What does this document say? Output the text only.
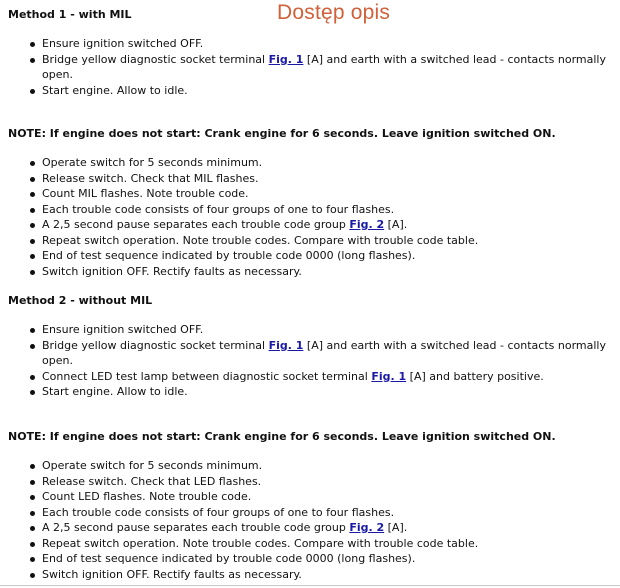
Dostęp opis
Method 1 - with MIL
Ensure ignition switched OFF.
Bridge yellow diagnostic socket terminal Fig. 1 [A] and earth with a switched lead - contacts normally
open.
Start engine. Allow to idle.
NOTE: If engine does not start: Crank engine for 6 seconds. Leave ignition switched ON.
Operate switch for 5 seconds minimum.
Release switch. Check that MIL flashes.
Count MIL flashes. Note trouble code.
Each trouble code consists of four groups of one to four flashes.
A 2,5 second pause separates each trouble code group Fig. 2 [A].
Repeat switch operation. Note trouble codes. Compare with trouble code table.
End of test sequence indicated by trouble code 0000 (long flashes).
Switch ignition OFF. Rectify faults as necessary.
Method 2 - without MIL
Ensure ignition switched OFF.
Bridge yellow diagnostic socket terminal Fig. 1 [A] and earth with a switched lead - contacts normally
open.
Connect LED test lamp between diagnostic socket terminal Fig. 1 [A] and battery positive.
Start engine. Allow to idle.
NOTE: If engine does not start: Crank engine for 6 seconds. Leave ignition switched ON.
Operate switch for 5 seconds minimum.
Release switch. Check that LED flashes.
Count LED flashes. Note trouble code.
Each trouble code consists of four groups of one to four flashes.
A 2,5 second pause separates each trouble code group Fig. 2 [A].
Repeat switch operation. Note trouble codes. Compare with trouble code table.
End of test sequence indicated by trouble code 0000 (long flashes).
Switch ignition OFF. Rectify faults as necessary.
